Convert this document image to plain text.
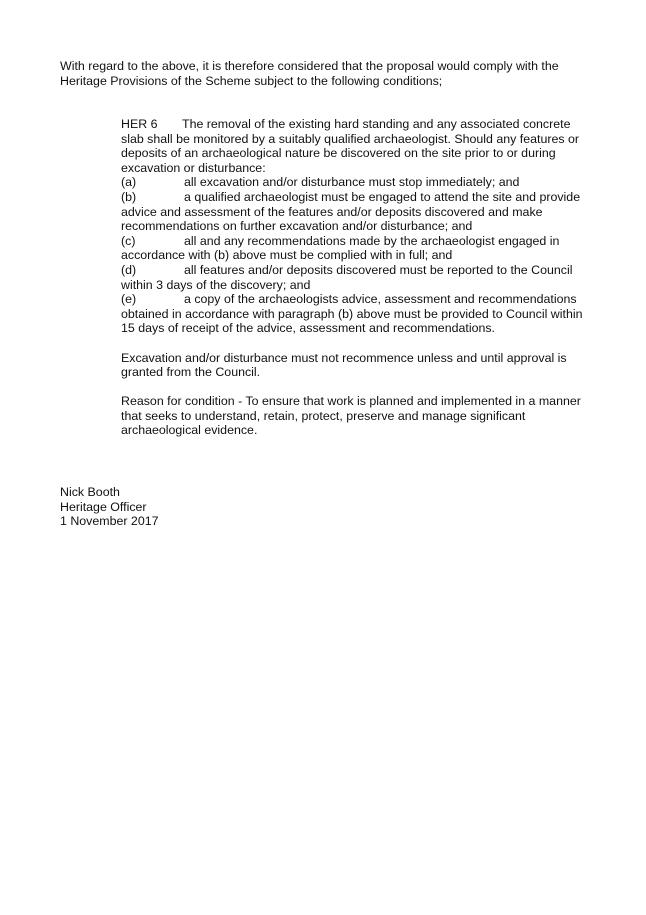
With regard to the above, it is therefore considered that the proposal would comply with the
Heritage Provisions of the Scheme subject to the following conditions;
HER 6 The removal of the existing hard standing and any associated concrete slab shall be monitored by a suitably qualified archaeologist. Should any features or deposits of an archaeological nature be discovered on the site prior to or during excavation or disturbance:
(a)	all excavation and/or disturbance must stop immediately; and
(b)	a qualified archaeologist must be engaged to attend the site and provide advice and assessment of the features and/or deposits discovered and make recommendations on further excavation and/or disturbance; and
(c)	all and any recommendations made by the archaeologist engaged in accordance with (b) above must be complied with in full; and
(d)	all features and/or deposits discovered must be reported to the Council within 3 days of the discovery; and
(e)	a copy of the archaeologists advice, assessment and recommendations obtained in accordance with paragraph (b) above must be provided to Council within 15 days of receipt of the advice, assessment and recommendations.

Excavation and/or disturbance must not recommence unless and until approval is granted from the Council.

Reason for condition - To ensure that work is planned and implemented in a manner that seeks to understand, retain, protect, preserve and manage significant archaeological evidence.

Nick Booth
Heritage Officer
1 November 2017
